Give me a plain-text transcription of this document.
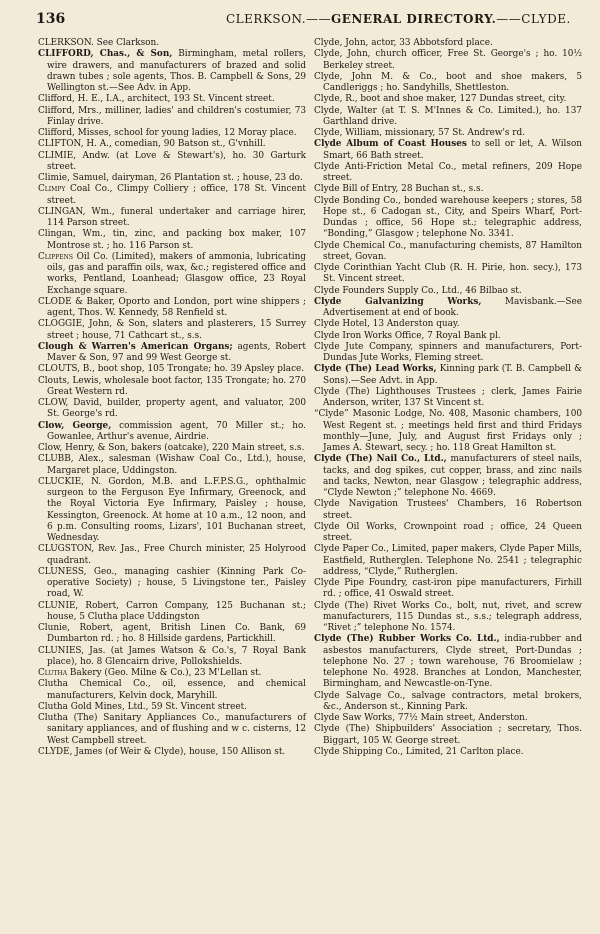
136	CLERKSON.——GENERAL DIRECTORY.——CLYDE.

CLERKSON. See Clarkson.

CLIFFORD, Chas., & Son, Birmingham, metal rollers, wire drawers, and manufacturers of brazed and solid drawn tubes ; sole agents, Thos. B. Campbell & Sons, 29 Wellington st.—See Adv. in App.

Clifford, H. E., I.A., architect, 193 St. Vincent street.

Clifford, Mrs., milliner, ladies' and children's costumier, 73 Finlay drive.

Clifford, Misses, school for young ladies, 12 Moray place.

CLIFTON, H. A., comedian, 90 Batson st., G'vnhill.

CLIMIE, Andw. (at Love & Stewart's), ho. 30 Garturk street.

Climie, Samuel, dairyman, 26 Plantation st. ; house, 23 do.

Climpy Coal Co., Climpy Colliery ; office, 178 St. Vincent street.

CLINGAN, Wm., funeral undertaker and carriage hirer, 114 Parson street.

Clingan, Wm., tin, zinc, and packing box maker, 107 Montrose st. ; ho. 116 Parson st.

Clippens Oil Co. (Limited), makers of ammonia, lubricating oils, gas and paraffin oils, wax, &c.; registered office and works, Pentland, Loanhead; Glasgow office, 23 Royal Exchange square.

CLODE & Baker, Oporto and London, port wine shippers ; agent, Thos. W. Kennedy, 58 Renfield st.

CLOGGIE, John, & Son, slaters and plasterers, 15 Surrey street ; house, 71 Cathcart st., s.s.

Clough & Warren's American Organs; agents, Robert Maver & Son, 97 and 99 West George st.

CLOUTS, B., boot shop, 105 Trongate; ho. 39 Apsley place.

Clouts, Lewis, wholesale boot factor, 135 Trongate; ho. 270 Great Western rd.

CLOW, David, builder, property agent, and valuator, 200 St. George's rd.

Clow, George, commission agent, 70 Miller st.; ho. Gowanlee, Arthur's avenue, Airdrie.

Clow, Henry, & Son, bakers (oatcake), 220 Main street, s.s.

CLUBB, Alex., salesman (Wishaw Coal Co., Ltd.), house, Margaret place, Uddingston.

CLUCKIE, N. Gordon, M.B. and L.F.P.S.G., ophthalmic surgeon to the Ferguson Eye Infirmary, Greenock, and the Royal Victoria Eye Infirmary, Paisley ; house, Kessington, Greenock. At home at 10 a.m., 12 noon, and 6 p.m. Consulting rooms, Lizars', 101 Buchanan street, Wednesday.

CLUGSTON, Rev. Jas., Free Church minister, 25 Holyrood quadrant.

CLUNESS, Geo., managing cashier (Kinning Park Co-operative Society) ; house, 5 Livingstone ter., Paisley road, W.

CLUNIE, Robert, Carron Company, 125 Buchanan st.; house, 5 Clutha place Uddingston

Clunie, Robert, agent, British Linen Co. Bank, 69 Dumbarton rd. ; ho. 8 Hillside gardens, Partickhill.

CLUNIES, Jas. (at James Watson & Co.'s, 7 Royal Bank place), ho. 8 Glencairn drive, Pollokshields.

Clutha Bakery (Geo. Milne & Co.), 23 M'Lellan st.

Clutha Chemical Co., oil, essence, and chemical manufacturers, Kelvin dock, Maryhill.

Clutha Gold Mines, Ltd., 59 St. Vincent street.

Clutha (The) Sanitary Appliances Co., manufacturers of sanitary appliances, and of flushing and w c. cisterns, 12 West Campbell street.

CLYDE, James (of Weir & Clyde), house, 150 Allison st.

Clyde, John, actor, 33 Abbotsford place.

Clyde, John, church officer, Free St. George's ; ho. 10½ Berkeley street.

Clyde, John M. & Co., boot and shoe makers, 5 Candleriggs ; ho. Sandyhills, Shettleston.

Clyde, R., boot and shoe maker, 127 Dundas street, city.

Clyde, Walter (at T. S. M'Innes & Co. Limited.), ho. 137 Garthland drive.

Clyde, William, missionary, 57 St. Andrew's rd.

Clyde Album of Coast Houses to sell or let, A. Wilson Smart, 66 Bath street.

Clyde Anti-Friction Metal Co., metal refiners, 209 Hope street.

Clyde Bill of Entry, 28 Buchan st., s.s.

Clyde Bonding Co., bonded warehouse keepers ; stores, 58 Hope st., 6 Cadogan st., City, and Speirs Wharf, Port-Dundas ; office, 56 Hope st.; telegraphic address, “Bonding,” Glasgow ; telephone No. 3341.

Clyde Chemical Co., manufacturing chemists, 87 Hamilton street, Govan.

Clyde Corinthian Yacht Club (R. H. Pirie, hon. secy.), 173 St. Vincent street.

Clyde Founders Supply Co., Ltd., 46 Bilbao st.

Clyde Galvanizing Works, Mavisbank.—See Advertisement at end of book.

Clyde Hotel, 13 Anderston quay.

Clyde Iron Works Office, 7 Royal Bank pl.

Clyde Jute Company, spinners and manufacturers, Port-Dundas Jute Works, Fleming street.

Clyde (The) Lead Works, Kinning park (T. B. Campbell & Sons).—See Advt. in App.

Clyde (The) Lighthouses Trustees ; clerk, James Fairie Anderson, writer, 137 St Vincent st.

“Clyde” Masonic Lodge, No. 408, Masonic chambers, 100 West Regent st. ; meetings held first and third Fridays monthly—June, July, and August first Fridays only ; James A. Stewart, secy. ; ho. 118 Great Hamilton st.

Clyde (The) Nail Co., Ltd., manufacturers of steel nails, tacks, and dog spikes, cut copper, brass, and zinc nails and tacks, Newton, near Glasgow ; telegraphic address, “Clyde Newton ;” telephone No. 4669.

Clyde Navigation Trustees' Chambers, 16 Robertson street.

Clyde Oil Works, Crownpoint road ; office, 24 Queen street.

Clyde Paper Co., Limited, paper makers, Clyde Paper Mills, Eastfield, Rutherglen. Telephone No. 2541 ; telegraphic address, “Clyde,” Rutherglen.

Clyde Pipe Foundry, cast-iron pipe manufacturers, Firhill rd. ; office, 41 Oswald street.

Clyde (The) Rivet Works Co., bolt, nut, rivet, and screw manufacturers, 115 Dundas st., s.s.; telegraph address, “Rivet ;” telephone No. 1574.

Clyde (The) Rubber Works Co. Ltd., india-rubber and asbestos manufacturers, Clyde street, Port-Dundas ; telephone No. 27 ; town warehouse, 76 Broomielaw ; telephone No. 4928. Branches at London, Manchester, Birmingham, and Newcastle-on-Tyne.

Clyde Salvage Co., salvage contractors, metal brokers, &c., Anderson st., Kinning Park.

Clyde Saw Works, 77½ Main street, Anderston.

Clyde (The) Shipbuilders' Association ; secretary, Thos. Biggart, 105 W. George street.

Clyde Shipping Co., Limited, 21 Carlton place.
